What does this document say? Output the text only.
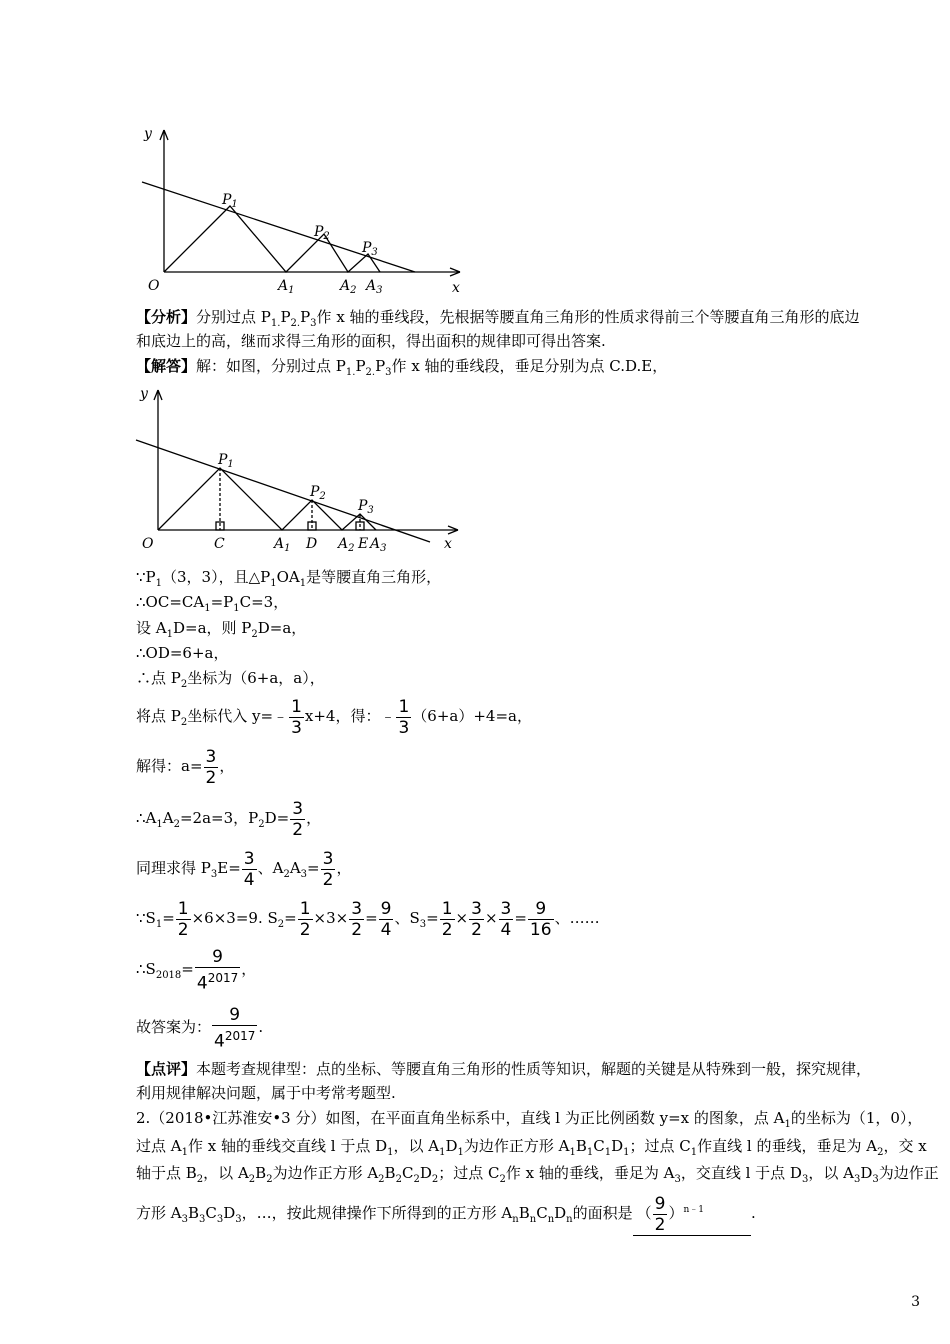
y
x
O
$P_1$
$P_2$
$P_3$
$A_1$	$A_2$ $A_3$
【分析】分别过点 $P_{1.}P_{2.}P_3$作 x 轴的垂线段，先根据等腰直角三角形的性质求得前三个等腰直角三角形的底边
和底边上的高，继而求得三角形的面积，得出面积的规律即可得出答案.
【解答】解：如图，分别过点 $P_{1.}P_{2.}P_3$作 x 轴的垂线段，垂足分别为点 C.D.E，
y
x
O	C	D	E
$P_1$
$P_2$
$P_3$
$A_1$	$A_2$ $A_3$
$\because P_1(3$，3），且$\triangle P_1OA_1$是等腰直角三角形，
$\therefore OC=CA_1=P_1C=3$，
设 $A_1D=a$，则 $P_2D=a$，
∴OD=6+a，
∴点 $P_2$坐标为（6+a，a），
将点 $P_2$坐标代入 y=﹣ $\frac{1}{3} x+4$，得：﹣ $\frac{1}{3} (6+a)+4=a$，
解得：$a= \frac{3}{2}$ ，
$\therefore A_1A_2=2a=3$，$P_2D= \frac{3}{2}$ ，
同理求得 $P_3E= \frac{3}{4}$ 、$A_2A_3= \frac{3}{2}$ ，
$\because S_1= \frac{1}{2} \times 6\times 3=9$. $S_2= \frac{1}{2} \times 3\times \frac{3}{2} = \frac{9}{4}$ 、$S_3= \frac{1}{2} \times \frac{3}{2} \times \frac{3}{4} = \frac{9}{16}$ 、……
$\therefore S_{2018}= \frac{9}{4^{2017}}$ ，
故答案为： $\frac{9}{4^{2017}}$ .
【点评】本题考查规律型：点的坐标、等腰直角三角形的性质等知识，解题的关键是从特殊到一般，探究规律，
利用规律解决问题，属于中考常考题型.
2.（2018•江苏淮安•3 分）如图，在平面直角坐标系中，直线 l 为正比例函数 y=x 的图象，点 $A_1$的坐标为（1，0），
过点 $A_1$作 x 轴的垂线交直线 l 于点 $D_1$，以 $A_1D_1$为边作正方形 $A_1B_1C_1D_1$；过点 $C_1$作直线 l 的垂线，垂足为 $A_2$，交 x
轴于点 $B_2$，以 $A_2B_2$为边作正方形 $A_2B_2C_2D_2$；过点 $C_2$作 x 轴的垂线，垂足为 $A_3$，交直线 l 于点 $D_3$，以 $A_3D_3$为边作正
方形 $A_3B_3C_3D_3$，…，按此规律操作下所得到的正方形 $A_nB_nC_nD_n$的面积是 （ $\frac{9}{2} )^{n﹣1}$	.
3
